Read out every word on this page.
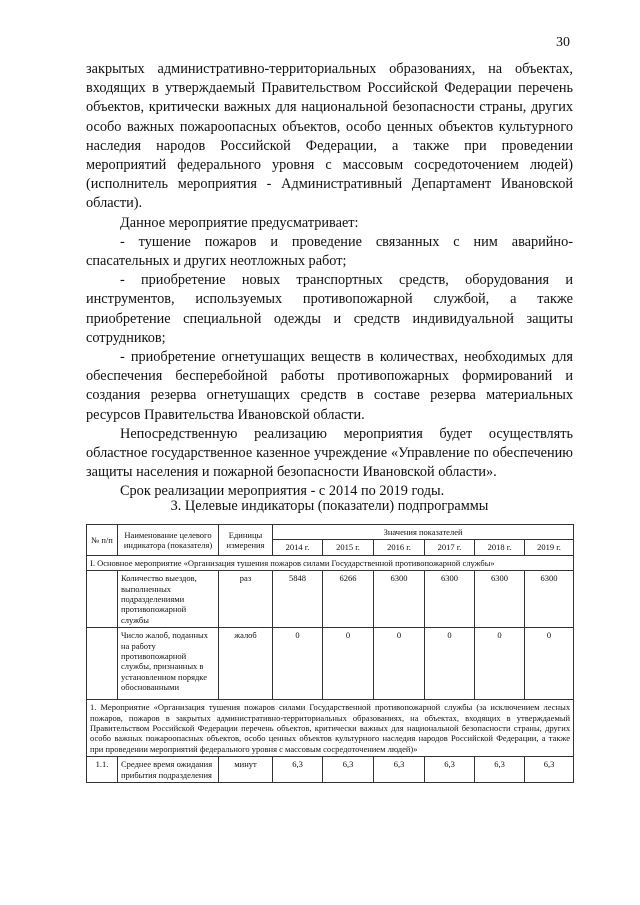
30

закрытых административно-территориальных образованиях, на объектах, входящих в утверждаемый Правительством Российской Федерации перечень объектов, критически важных для национальной безопасности страны, других особо важных пожароопасных объектов, особо ценных объектов культурного наследия народов Российской Федерации, а также при проведении мероприятий федерального уровня с массовым сосредоточением людей) (исполнитель мероприятия - Административный Департамент Ивановской области).

Данное мероприятие предусматривает:

- тушение пожаров и проведение связанных с ним аварийно-спасательных и других неотложных работ;

- приобретение новых транспортных средств, оборудования и инструментов, используемых противопожарной службой, а также приобретение специальной одежды и средств индивидуальной защиты сотрудников;

- приобретение огнетушащих веществ в количествах, необходимых для обеспечения бесперебойной работы противопожарных формирований и создания резерва огнетушащих средств в составе резерва материальных ресурсов Правительства Ивановской области.

Непосредственную реализацию мероприятия будет осуществлять областное государственное казенное учреждение «Управление по обеспечению защиты населения и пожарной безопасности Ивановской области».

Срок реализации мероприятия - с 2014 по 2019 годы.

3. Целевые индикаторы (показатели) подпрограммы
№ п/п	Наименование целевого индикатора (показателя)	Единицы измерения	Значения показателей					
			2014 г.	2015 г.	2016 г.	2017 г.	2018 г.	2019 г.
I. Основное мероприятие «Организация тушения пожаров силами Государственной противопожарной службы»								
	Количество выездов, выполненных подразделениями противопожарной службы	раз	5848	6266	6300	6300	6300	6300
	Число жалоб, поданных на работу противопожарной службы, признанных в установленном порядке обоснованными	жалоб	0	0	0	0	0	0
1. Мероприятие «Организация тушения пожаров силами Государственной противопожарной службы (за исключением лесных пожаров, пожаров в закрытых административно-территориальных образованиях, на объектах, входящих в утверждаемый Правительством Российской Федерации перечень объектов, критически важных для национальной безопасности страны, других особо важных пожароопасных объектов, особо ценных объектов культурного наследия народов Российской Федерации, а также при проведении мероприятий федерального уровня с массовым сосредоточением людей)»								
1.1.	Среднее время ожидания прибытия подразделения	минут	6,3	6,3	6,3	6,3	6,3	6,3
